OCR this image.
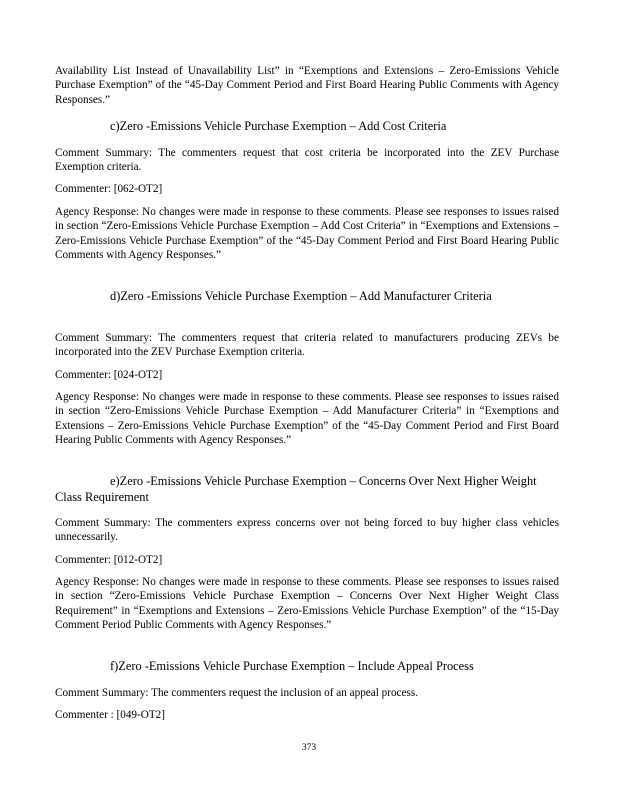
Availability List Instead of Unavailability List” in “Exemptions and Extensions – Zero-Emissions Vehicle Purchase Exemption” of the “45-Day Comment Period and First Board Hearing Public Comments with Agency Responses.”

c)Zero -Emissions Vehicle Purchase Exemption – Add Cost Criteria

Comment Summary: The commenters request that cost criteria be incorporated into the ZEV Purchase Exemption criteria.

Commenter: [062-OT2]

Agency Response: No changes were made in response to these comments. Please see responses to issues raised in section “Zero-Emissions Vehicle Purchase Exemption – Add Cost Criteria” in “Exemptions and Extensions – Zero-Emissions Vehicle Purchase Exemption” of the “45-Day Comment Period and First Board Hearing Public Comments with Agency Responses.”

d)Zero -Emissions Vehicle Purchase Exemption – Add Manufacturer Criteria

Comment Summary: The commenters request that criteria related to manufacturers producing ZEVs be incorporated into the ZEV Purchase Exemption criteria.

Commenter: [024-OT2]

Agency Response: No changes were made in response to these comments. Please see responses to issues raised in section “Zero-Emissions Vehicle Purchase Exemption – Add Manufacturer Criteria” in “Exemptions and Extensions – Zero-Emissions Vehicle Purchase Exemption” of the “45-Day Comment Period and First Board Hearing Public Comments with Agency Responses.”

e)Zero -Emissions Vehicle Purchase Exemption – Concerns Over Next Higher Weight Class Requirement

Comment Summary: The commenters express concerns over not being forced to buy higher class vehicles unnecessarily.

Commenter: [012-OT2]

Agency Response: No changes were made in response to these comments. Please see responses to issues raised in section “Zero-Emissions Vehicle Purchase Exemption – Concerns Over Next Higher Weight Class Requirement” in “Exemptions and Extensions – Zero-Emissions Vehicle Purchase Exemption” of the “15-Day Comment Period Public Comments with Agency Responses.”

f)Zero -Emissions Vehicle Purchase Exemption – Include Appeal Process

Comment Summary: The commenters request the inclusion of an appeal process.

Commenter : [049-OT2]

373
